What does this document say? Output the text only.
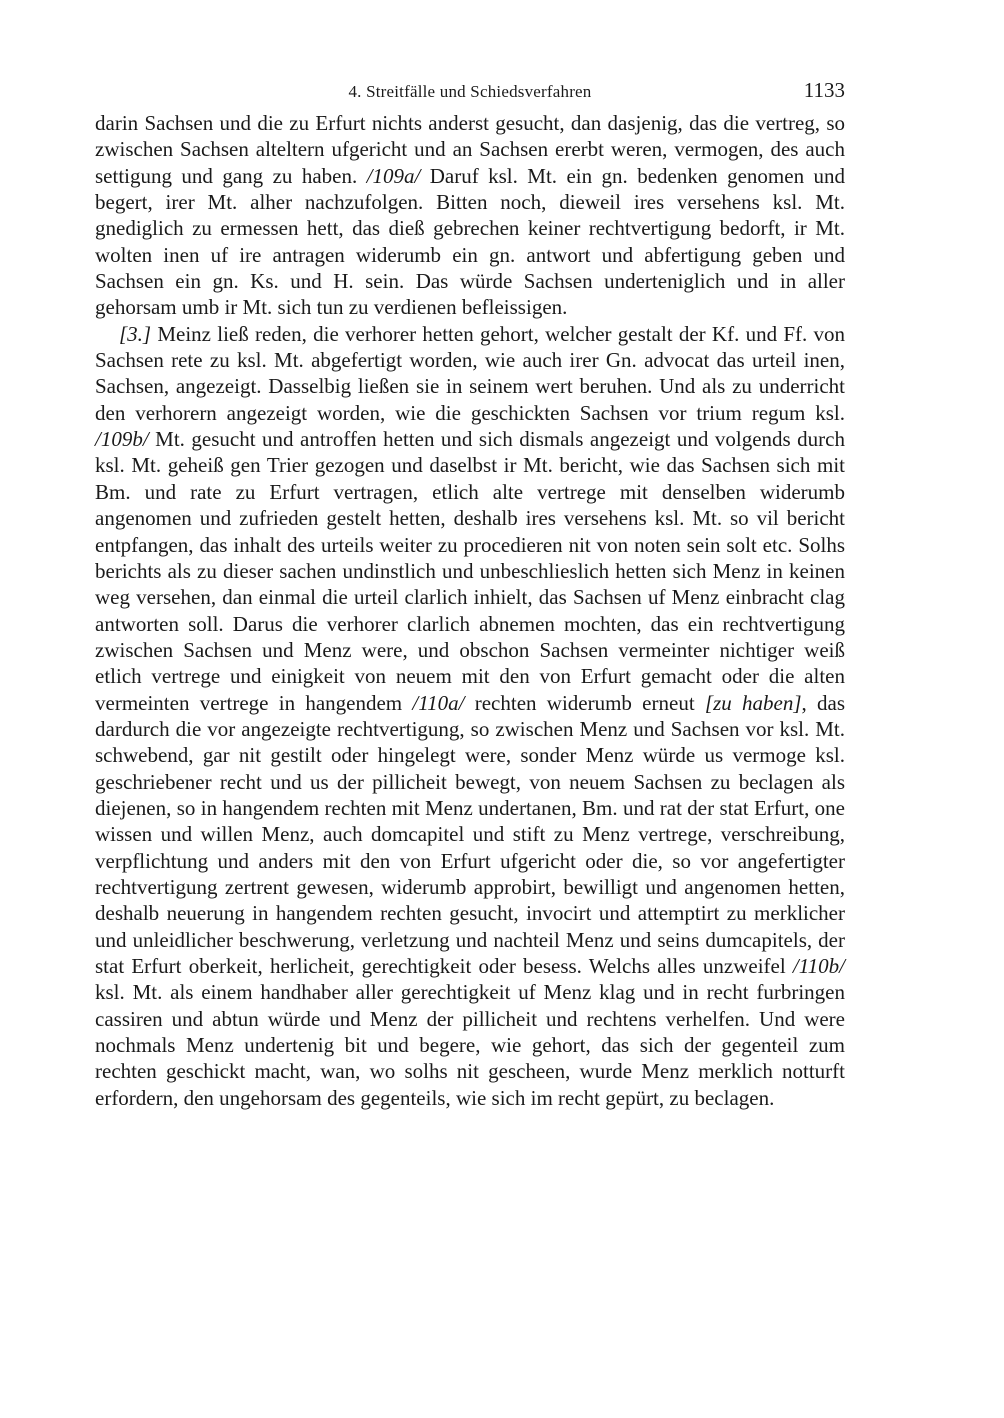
4. Streitfälle und Schiedsverfahren	1133

darin Sachsen und die zu Erfurt nichts anderst gesucht, dan dasjenig, das die vertreg, so zwischen Sachsen alteltern ufgericht und an Sachsen ererbt weren, vermogen, des auch settigung und gang zu haben. /109a/ Daruf ksl. Mt. ein gn. bedenken genomen und begert, irer Mt. alher nachzufolgen. Bitten noch, dieweil ires versehens ksl. Mt. gnediglich zu ermessen hett, das dieß gebrechen keiner rechtvertigung bedorft, ir Mt. wolten inen uf ire antragen widerumb ein gn. antwort und abfertigung geben und Sachsen ein gn. Ks. und H. sein. Das würde Sachsen underteniglich und in aller gehorsam umb ir Mt. sich tun zu verdienen befleissigen.

[3.] Meinz ließ reden, die verhorer hetten gehort, welcher gestalt der Kf. und Ff. von Sachsen rete zu ksl. Mt. abgefertigt worden, wie auch irer Gn. advocat das urteil inen, Sachsen, angezeigt. Dasselbig ließen sie in seinem wert beruhen. Und als zu underricht den verhorern angezeigt worden, wie die geschickten Sachsen vor trium regum ksl. /109b/ Mt. gesucht und antroffen hetten und sich dismals angezeigt und volgends durch ksl. Mt. geheiß gen Trier gezogen und daselbst ir Mt. bericht, wie das Sachsen sich mit Bm. und rate zu Erfurt vertragen, etlich alte vertrege mit denselben widerumb angenomen und zufrieden gestelt hetten, deshalb ires versehens ksl. Mt. so vil bericht entpfangen, das inhalt des urteils weiter zu procedieren nit von noten sein solt etc. Solhs berichts als zu dieser sachen undinstlich und unbeschlieslich hetten sich Menz in keinen weg versehen, dan einmal die urteil clarlich inhielt, das Sachsen uf Menz einbracht clag antworten soll. Darus die verhorer clarlich abnemen mochten, das ein rechtvertigung zwischen Sachsen und Menz were, und obschon Sachsen vermeinter nichtiger weiß etlich vertrege und einigkeit von neuem mit den von Erfurt gemacht oder die alten vermeinten vertrege in hangendem /110a/ rechten widerumb erneut [zu haben], das dardurch die vor angezeigte rechtvertigung, so zwischen Menz und Sachsen vor ksl. Mt. schwebend, gar nit gestilt oder hingelegt were, sonder Menz würde us vermoge ksl. geschriebener recht und us der pillicheit bewegt, von neuem Sachsen zu beclagen als diejenen, so in hangendem rechten mit Menz undertanen, Bm. und rat der stat Erfurt, one wissen und willen Menz, auch domcapitel und stift zu Menz vertrege, verschreibung, verpflichtung und anders mit den von Erfurt ufgericht oder die, so vor angefertigter rechtvertigung zertrent gewesen, widerumb approbirt, bewilligt und angenomen hetten, deshalb neuerung in hangendem rechten gesucht, invocirt und attemptirt zu merklicher und unleidlicher beschwerung, verletzung und nachteil Menz und seins dumcapitels, der stat Erfurt oberkeit, herlicheit, gerechtigkeit oder besess. Welchs alles unzweifel /110b/ ksl. Mt. als einem handhaber aller gerechtigkeit uf Menz klag und in recht furbringen cassiren und abtun würde und Menz der pillicheit und rechtens verhelfen. Und were nochmals Menz undertenig bit und begere, wie gehort, das sich der gegenteil zum rechten geschickt macht, wan, wo solhs nit gescheen, wurde Menz merklich notturft erfordern, den ungehorsam des gegenteils, wie sich im recht gepürt, zu beclagen.
